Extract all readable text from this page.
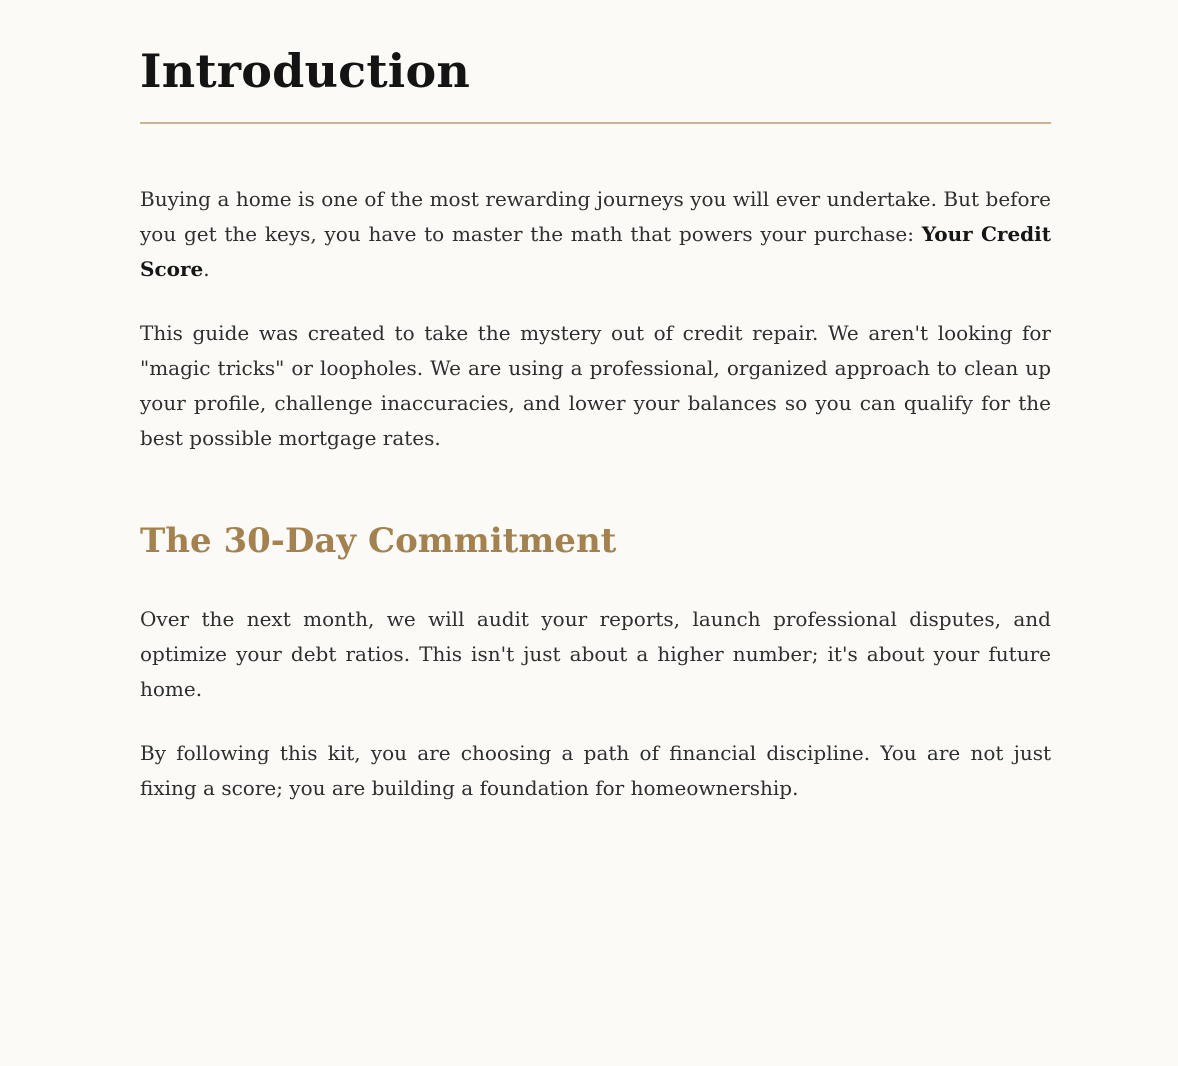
Introduction

Buying a home is one of the most rewarding journeys you will ever undertake. But before you get the keys, you have to master the math that powers your purchase: Your Credit Score.

This guide was created to take the mystery out of credit repair. We aren't looking for "magic tricks" or loopholes. We are using a professional, organized approach to clean up your profile, challenge inaccuracies, and lower your balances so you can qualify for the best possible mortgage rates.

The 30-Day Commitment

Over the next month, we will audit your reports, launch professional disputes, and optimize your debt ratios. This isn't just about a higher number; it's about your future home.

By following this kit, you are choosing a path of financial discipline. You are not just fixing a score; you are building a foundation for homeownership.
